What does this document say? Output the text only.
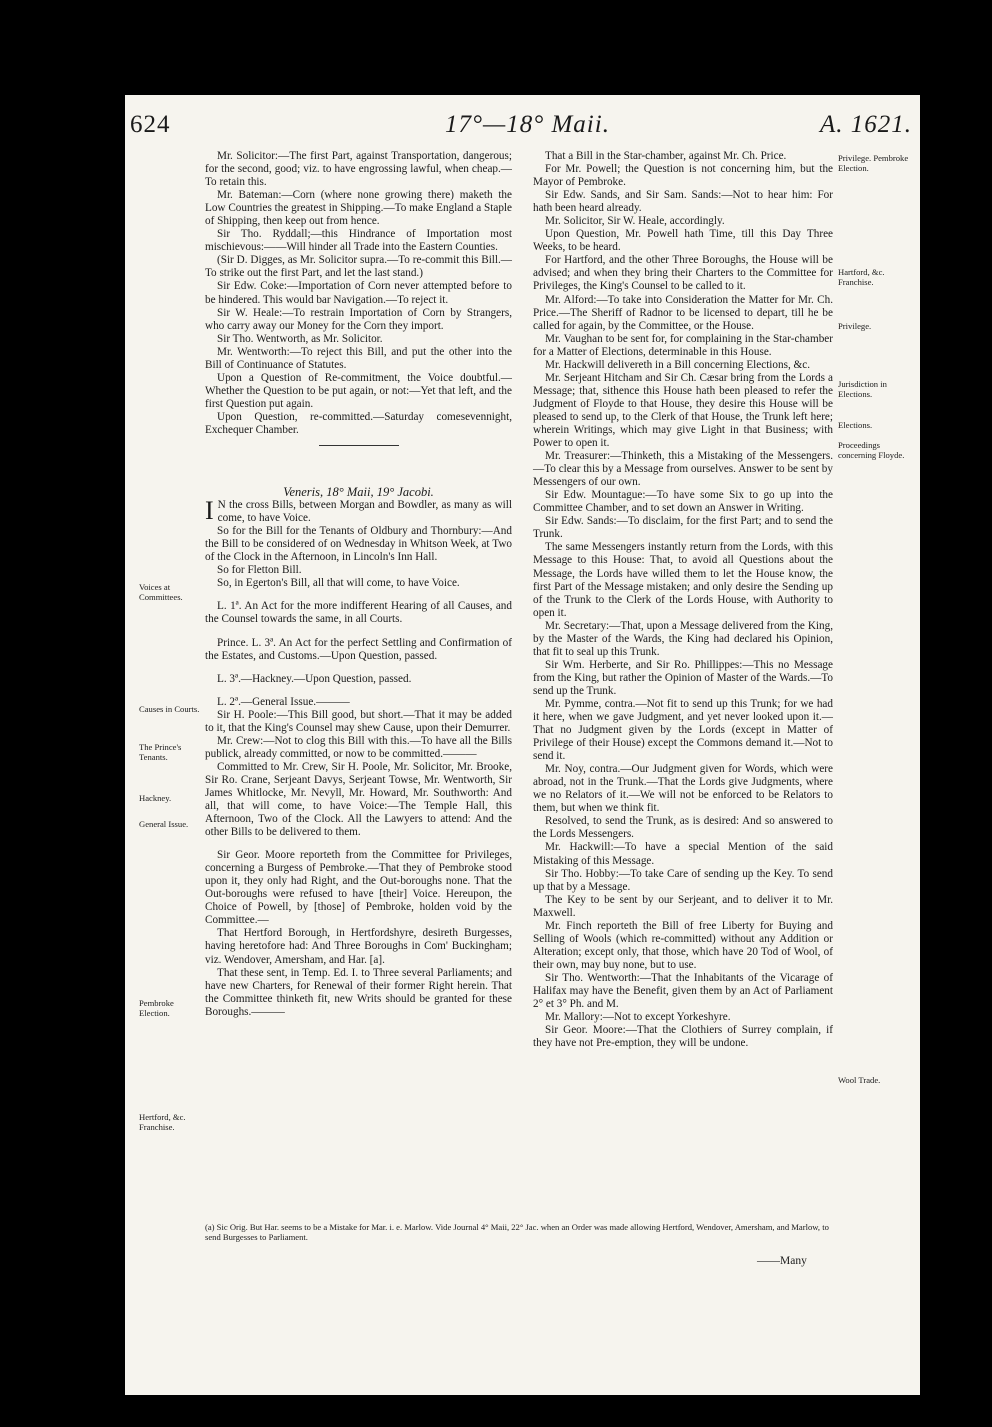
624	17°—18° Maii.	A. 1621.

Mr. Solicitor:—The first Part, against Transportation, dangerous; for the second, good; viz. to have engrossing lawful, when cheap.—To retain this.

Mr. Bateman:—Corn (where none growing there) maketh the Low Countries the greatest in Shipping.—To make England a Staple of Shipping, then keep out from hence.

Sir Tho. Ryddall;—this Hindrance of Importation most mischievous:——Will hinder all Trade into the Eastern Counties.

(Sir D. Digges, as Mr. Solicitor supra.—To re-commit this Bill.—To strike out the first Part, and let the last stand.)

Sir Edw. Coke:—Importation of Corn never attempted before to be hindered. This would bar Navigation.—To reject it.

Sir W. Heale:—To restrain Importation of Corn by Strangers, who carry away our Money for the Corn they import.

Sir Tho. Wentworth, as Mr. Solicitor.

Mr. Wentworth:—To reject this Bill, and put the other into the Bill of Continuance of Statutes.

Upon a Question of Re-commitment, the Voice doubtful.—Whether the Question to be put again, or not:—Yet that left, and the first Question put again.

Upon Question, re-committed.—Saturday comesevennight, Exchequer Chamber.

Veneris, 18° Maii, 19° Jacobi.

I N the cross Bills, between Morgan and Bowdler, as many as will come, to have Voice.

So for the Bill for the Tenants of Oldbury and Thornbury:—And the Bill to be considered of on Wednesday in Whitson Week, at Two of the Clock in the Afternoon, in Lincoln's Inn Hall.

So for Fletton Bill.

So, in Egerton's Bill, all that will come, to have Voice.

L. 1ª. An Act for the more indifferent Hearing of all Causes, and the Counsel towards the same, in all Courts.

Prince. L. 3ª. An Act for the perfect Settling and Confirmation of the Estates, and Customs.—Upon Question, passed.

L. 3ª.—Hackney.—Upon Question, passed.

L. 2ª.—General Issue.———

Sir H. Poole:—This Bill good, but short.—That it may be added to it, that the King's Counsel may shew Cause, upon their Demurrer.

Mr. Crew:—Not to clog this Bill with this.—To have all the Bills publick, already committed, or now to be committed.———

Committed to Mr. Crew, Sir H. Poole, Mr. Solicitor, Mr. Brooke, Sir Ro. Crane, Serjeant Davys, Serjeant Towse, Mr. Wentworth, Sir James Whitlocke, Mr. Nevyll, Mr. Howard, Mr. Southworth: And all, that will come, to have Voice:—The Temple Hall, this Afternoon, Two of the Clock. All the Lawyers to attend: And the other Bills to be delivered to them.

Sir Geor. Moore reporteth from the Committee for Privileges, concerning a Burgess of Pembroke.—That they of Pembroke stood upon it, they only had Right, and the Out-boroughs none. That the Out-boroughs were refused to have [their] Voice. Hereupon, the Choice of Powell, by [those] of Pembroke, holden void by the Committee.—

That Hertford Borough, in Hertfordshyre, desireth Burgesses, having heretofore had: And Three Boroughs in Com' Buckingham; viz. Wendover, Amersham, and Har. [a].

That these sent, in Temp. Ed. I. to Three several Parliaments; and have new Charters, for Renewal of their former Right herein. That the Committee thinketh fit, new Writs should be granted for these Boroughs.———

That a Bill in the Star-chamber, against Mr. Ch. Price.

For Mr. Powell; the Question is not concerning him, but the Mayor of Pembroke.

Sir Edw. Sands, and Sir Sam. Sands:—Not to hear him: For hath been heard already.

Mr. Solicitor, Sir W. Heale, accordingly.

Upon Question, Mr. Powell hath Time, till this Day Three Weeks, to be heard.

For Hartford, and the other Three Boroughs, the House will be advised; and when they bring their Charters to the Committee for Privileges, the King's Counsel to be called to it.

Mr. Alford:—To take into Consideration the Matter for Mr. Ch. Price.—The Sheriff of Radnor to be licensed to depart, till he be called for again, by the Committee, or the House.

Mr. Vaughan to be sent for, for complaining in the Star-chamber for a Matter of Elections, determinable in this House.

Mr. Hackwill delivereth in a Bill concerning Elections, &c.

Mr. Serjeant Hitcham and Sir Ch. Cæsar bring from the Lords a Message; that, sithence this House hath been pleased to refer the Judgment of Floyde to that House, they desire this House will be pleased to send up, to the Clerk of that House, the Trunk left here; wherein Writings, which may give Light in that Business; with Power to open it.

Mr. Treasurer:—Thinketh, this a Mistaking of the Messengers.—To clear this by a Message from ourselves. Answer to be sent by Messengers of our own.

Sir Edw. Mountague:—To have some Six to go up into the Committee Chamber, and to set down an Answer in Writing.

Sir Edw. Sands:—To disclaim, for the first Part; and to send the Trunk.

The same Messengers instantly return from the Lords, with this Message to this House: That, to avoid all Questions about the Message, the Lords have willed them to let the House know, the first Part of the Message mistaken; and only desire the Sending up of the Trunk to the Clerk of the Lords House, with Authority to open it.

Mr. Secretary:—That, upon a Message delivered from the King, by the Master of the Wards, the King had declared his Opinion, that fit to seal up this Trunk.

Sir Wm. Herberte, and Sir Ro. Phillippes:—This no Message from the King, but rather the Opinion of Master of the Wards.—To send up the Trunk.

Mr. Pymme, contra.—Not fit to send up this Trunk; for we had it here, when we gave Judgment, and yet never looked upon it.—That no Judgment given by the Lords (except in Matter of Privilege of their House) except the Commons demand it.—Not to send it.

Mr. Noy, contra.—Our Judgment given for Words, which were abroad, not in the Trunk.—That the Lords give Judgments, where we no Relators of it.—We will not be enforced to be Relators to them, but when we think fit.

Resolved, to send the Trunk, as is desired: And so answered to the Lords Messengers.

Mr. Hackwill:—To have a special Mention of the said Mistaking of this Message.

Sir Tho. Hobby:—To take Care of sending up the Key. To send up that by a Message.

The Key to be sent by our Serjeant, and to deliver it to Mr. Maxwell.

Mr. Finch reporteth the Bill of free Liberty for Buying and Selling of Wools (which re-committed) without any Addition or Alteration; except only, that those, which have 20 Tod of Wool, of their own, may buy none, but to use.

Sir Tho. Wentworth:—That the Inhabitants of the Vicarage of Halifax may have the Benefit, given them by an Act of Parliament 2° et 3° Ph. and M.

Mr. Mallory:—Not to except Yorkeshyre.

Sir Geor. Moore:—That the Clothiers of Surrey complain, if they have not Pre-emption, they will be undone.

Voices at Committees.
Causes in Courts.
The Prince's Tenants.
Hackney.
General Issue.
Pembroke Election.
Hertford, &c. Franchise.
Privilege. Pembroke Election.
Hartford, &c. Franchise.
Privilege.
Jurisdiction in Elections.
Elections.
Proceedings concerning Floyde.
Wool Trade.
(a) Sic Orig. But Har. seems to be a Mistake for Mar. i. e. Marlow. Vide Journal 4° Maii, 22° Jac. when an Order was made allowing Hertford, Wendover, Amersham, and Marlow, to send Burgesses to Parliament.
——Many
